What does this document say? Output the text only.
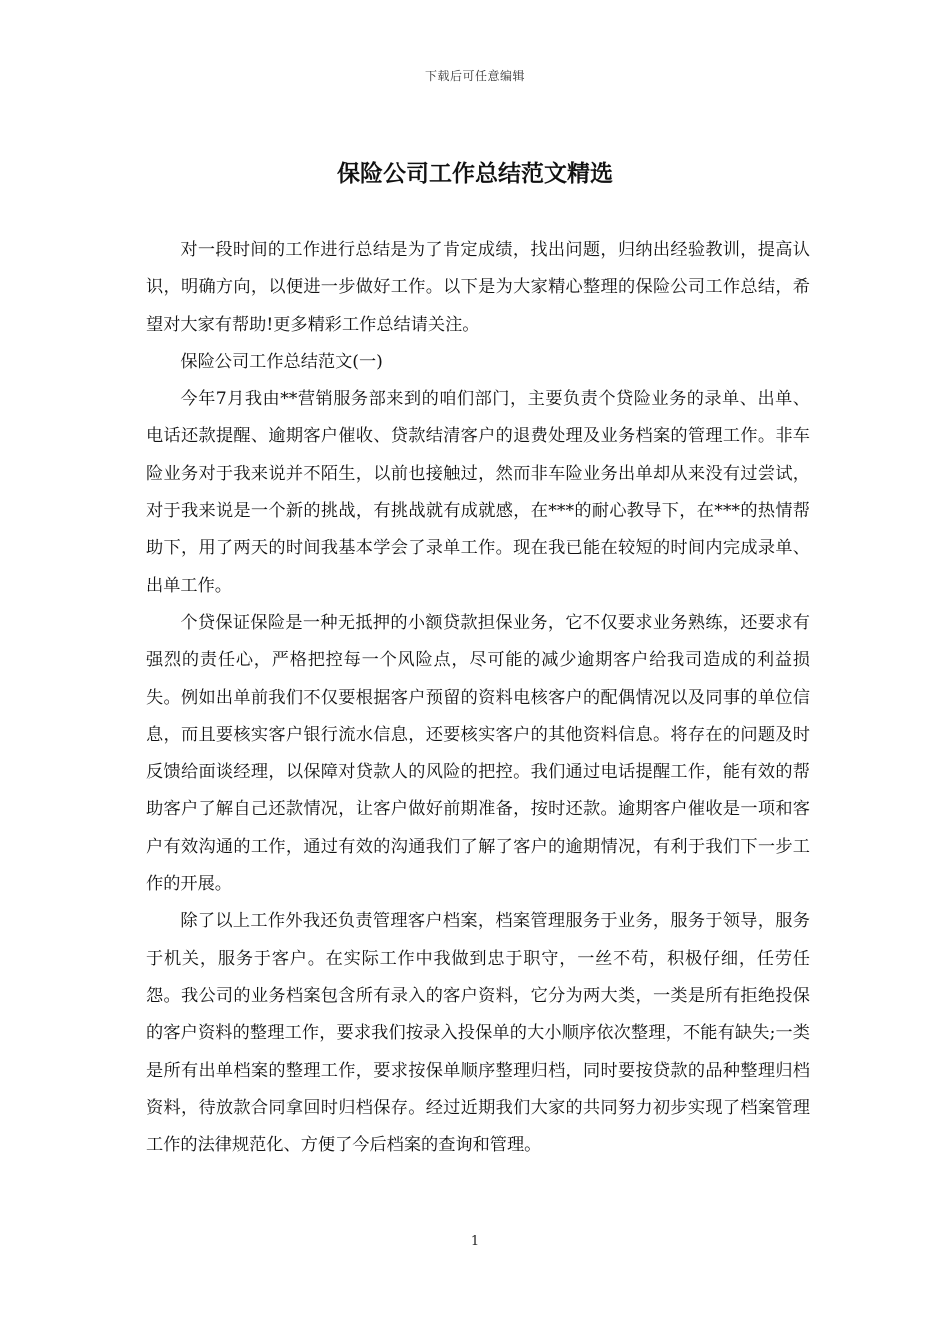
下载后可任意编辑
保险公司工作总结范文精选

对一段时间的工作进行总结是为了肯定成绩，找出问题，归纳出经验教训，提高认识，明确方向，以便进一步做好工作。以下是为大家精心整理的保险公司工作总结，希望对大家有帮助!更多精彩工作总结请关注。

保险公司工作总结范文(一)

今年7月我由**营销服务部来到的咱们部门，主要负责个贷险业务的录单、出单、电话还款提醒、逾期客户催收、贷款结清客户的退费处理及业务档案的管理工作。非车险业务对于我来说并不陌生，以前也接触过，然而非车险业务出单却从来没有过尝试，对于我来说是一个新的挑战，有挑战就有成就感，在***的耐心教导下，在***的热情帮助下，用了两天的时间我基本学会了录单工作。现在我已能在较短的时间内完成录单、出单工作。

个贷保证保险是一种无抵押的小额贷款担保业务，它不仅要求业务熟练，还要求有强烈的责任心，严格把控每一个风险点，尽可能的减少逾期客户给我司造成的利益损失。例如出单前我们不仅要根据客户预留的资料电核客户的配偶情况以及同事的单位信息，而且要核实客户银行流水信息，还要核实客户的其他资料信息。将存在的问题及时反馈给面谈经理，以保障对贷款人的风险的把控。我们通过电话提醒工作，能有效的帮助客户了解自己还款情况，让客户做好前期准备，按时还款。逾期客户催收是一项和客户有效沟通的工作，通过有效的沟通我们了解了客户的逾期情况，有利于我们下一步工作的开展。

除了以上工作外我还负责管理客户档案，档案管理服务于业务，服务于领导，服务于机关，服务于客户。在实际工作中我做到忠于职守，一丝不苟，积极仔细，任劳任怨。我公司的业务档案包含所有录入的客户资料，它分为两大类，一类是所有拒绝投保的客户资料的整理工作，要求我们按录入投保单的大小顺序依次整理，不能有缺失;一类是所有出单档案的整理工作，要求按保单顺序整理归档，同时要按贷款的品种整理归档资料，待放款合同拿回时归档保存。经过近期我们大家的共同努力初步实现了档案管理工作的法律规范化、方便了今后档案的查询和管理。

1
